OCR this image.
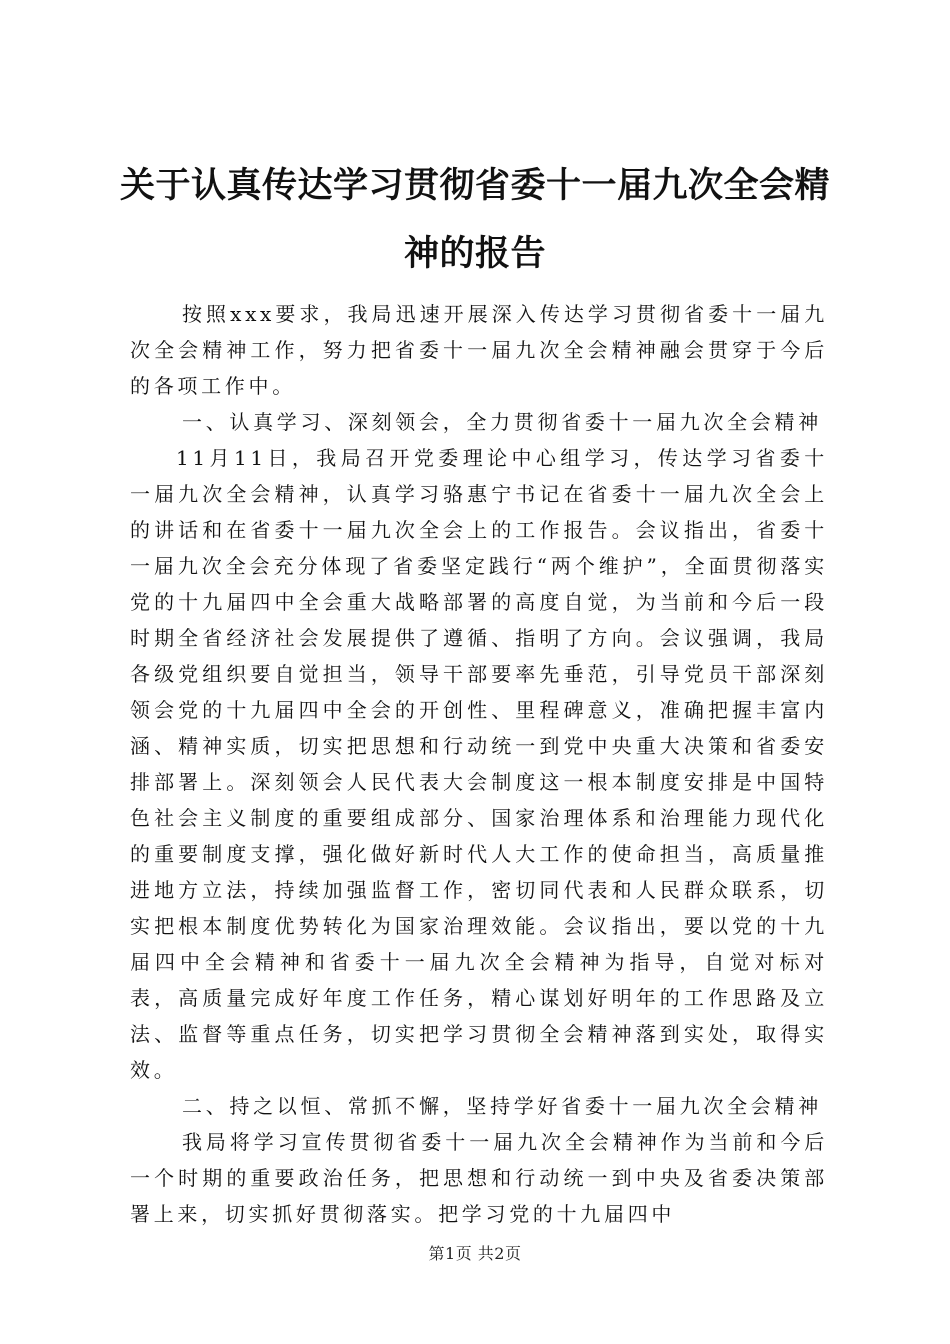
关于认真传达学习贯彻省委十一届九次全会精神的报告

按照xxx要求，我局迅速开展深入传达学习贯彻省委十一届九次全会精神工作，努力把省委十一届九次全会精神融会贯穿于今后的各项工作中。

一、认真学习、深刻领会，全力贯彻省委十一届九次全会精神

11月11日，我局召开党委理论中心组学习，传达学习省委十一届九次全会精神，认真学习骆惠宁书记在省委十一届九次全会上的讲话和在省委十一届九次全会上的工作报告。会议指出，省委十一届九次全会充分体现了省委坚定践行“两个维护”，全面贯彻落实党的十九届四中全会重大战略部署的高度自觉，为当前和今后一段时期全省经济社会发展提供了遵循、指明了方向。会议强调，我局各级党组织要自觉担当，领导干部要率先垂范，引导党员干部深刻领会党的十九届四中全会的开创性、里程碑意义，准确把握丰富内涵、精神实质，切实把思想和行动统一到党中央重大决策和省委安排部署上。深刻领会人民代表大会制度这一根本制度安排是中国特色社会主义制度的重要组成部分、国家治理体系和治理能力现代化的重要制度支撑，强化做好新时代人大工作的使命担当，高质量推进地方立法，持续加强监督工作，密切同代表和人民群众联系，切实把根本制度优势转化为国家治理效能。会议指出，要以党的十九届四中全会精神和省委十一届九次全会精神为指导，自觉对标对表，高质量完成好年度工作任务，精心谋划好明年的工作思路及立法、监督等重点任务，切实把学习贯彻全会精神落到实处，取得实效。

二、持之以恒、常抓不懈，坚持学好省委十一届九次全会精神

我局将学习宣传贯彻省委十一届九次全会精神作为当前和今后一个时期的重要政治任务，把思想和行动统一到中央及省委决策部署上来，切实抓好贯彻落实。把学习党的十九届四中

第1页 共2页
